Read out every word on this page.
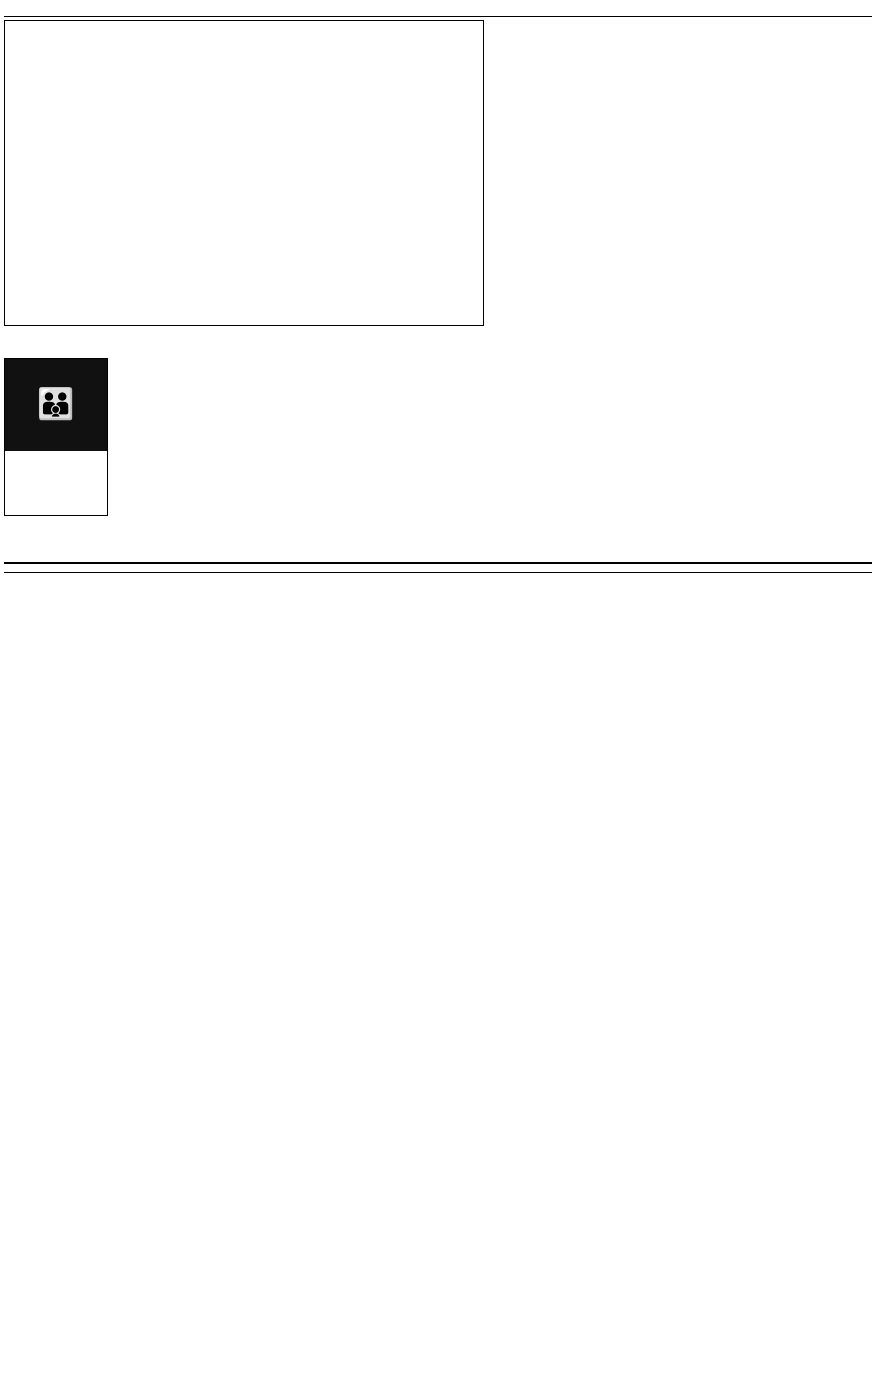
👪
